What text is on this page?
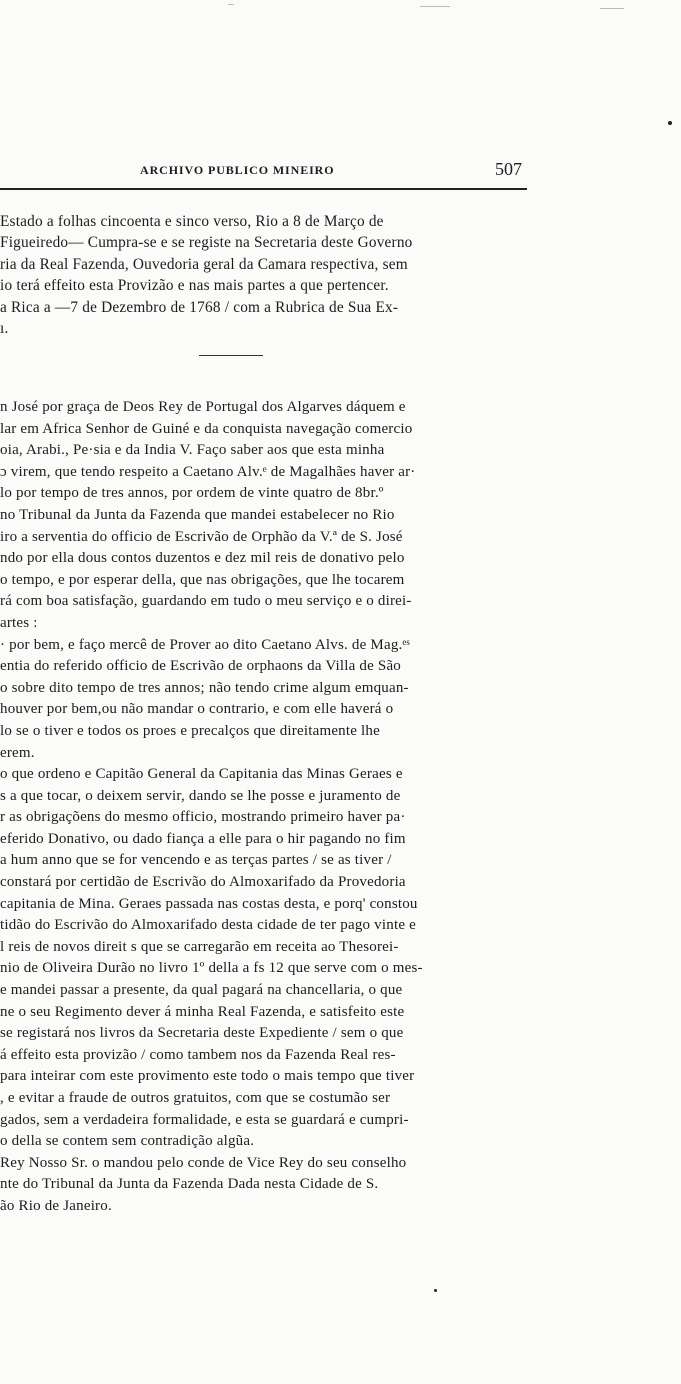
ARCHIVO PUBLICO MINEIRO	507
Estado a folhas cincoenta e sinco verso, Rio a 8 de Março de
Figueiredo— Cumpra-se e se registe na Secretaria deste Governo
ria da Real Fazenda, Ouvedoria geral da Camara respectiva, sem
io terá effeito esta Provizão e nas mais partes a que pertencer.
a Rica a —7 de Dezembro de 1768 / com a Rubrica de Sua Ex-
ı.
n José por graça de Deos Rey de Portugal dos Algarves dáquem e
lar em Africa Senhor de Guiné e da conquista navegação comercio
oia, Arabi., Pe·sia e da India V. Faço saber aos que esta minha
ɔ virem, que tendo respeito a Caetano Alv.ᵉ de Magalhães haver ar·
lo por tempo de tres annos, por ordem de vinte quatro de 8br.º
no Tribunal da Junta da Fazenda que mandei estabelecer no Rio
iro a serventia do officio de Escrivão de Orphão da V.ª de S. José
ndo por ella dous contos duzentos e dez mil reis de donativo pelo
o tempo, e por esperar della, que nas obrigações, que lhe tocarem
rá com boa satisfação, guardando em tudo o meu serviço e o direi-
artes :
· por bem, e faço mercê de Prover ao dito Caetano Alvs. de Mag.ᵉˢ
entia do referido officio de Escrivão de orphaons da Villa de São
o sobre dito tempo de tres annos; não tendo crime algum emquan-
houver por bem,ou não mandar o contrario, e com elle haverá o
lo se o tiver e todos os proes e precalços que direitamente lhe
erem.
o que ordeno e Capitão General da Capitania das Minas Geraes e
s a que tocar, o deixem servir, dando se lhe posse e juramento de
r as obrigaçõens do mesmo officio, mostrando primeiro haver pa·
eferido Donativo, ou dado fiança a elle para o hir pagando no fim
a hum anno que se for vencendo e as terças partes / se as tiver /
constará por certidão de Escrivão do Almoxarifado da Provedoria
capitania de Mina. Geraes passada nas costas desta, e porq' constou
tidão do Escrivão do Almoxarifado desta cidade de ter pago vinte e
l reis de novos direit s que se carregarão em receita ao Thesorei-
nio de Oliveira Durão no livro 1º della a fs 12 que serve com o mes-
e mandei passar a presente, da qual pagará na chancellaria, o que
ne o seu Regimento dever á minha Real Fazenda, e satisfeito este
se registará nos livros da Secretaria deste Expediente / sem o que
á effeito esta provizão / como tambem nos da Fazenda Real res-
para inteirar com este provimento este todo o mais tempo que tiver
, e evitar a fraude de outros gratuitos, com que se costumão ser
gados, sem a verdadeira formalidade, e esta se guardará e cumpri-
o della se contem sem contradição algũa.
Rey Nosso Sr. o mandou pelo conde de Vice Rey do seu conselho
nte do Tribunal da Junta da Fazenda Dada nesta Cidade de S.
ão Rio de Janeiro.
